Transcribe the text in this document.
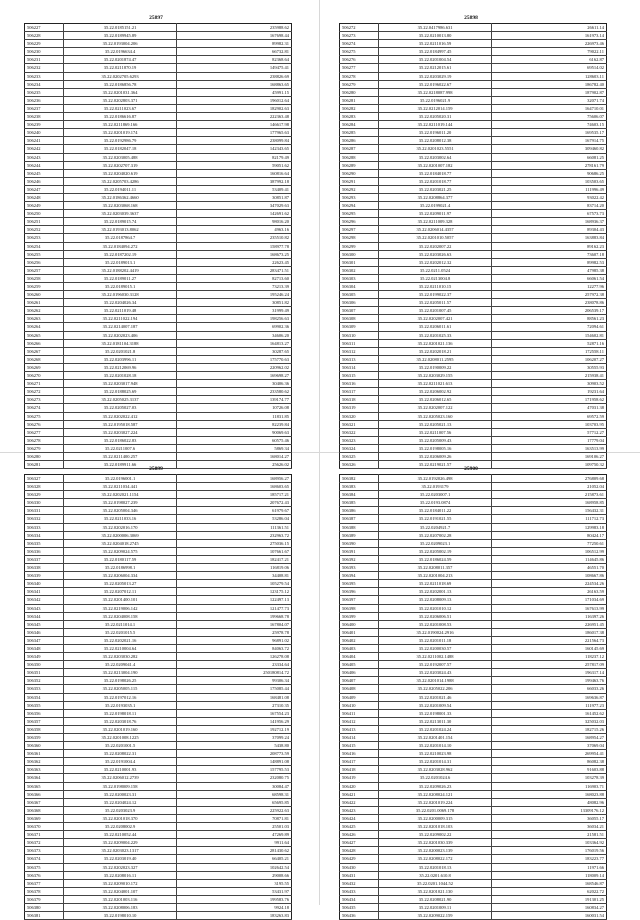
25897
506227	35.22.0185151.21	235988.62
506228	35.22.0189945.89	167698.44
506229	35.22.0193004.206	89982.31
506230	35.22.0196634.4	66732.81
506231	35.22.0201874.47	82368.64
506232	35.22.0211870.19	149475.41
506233	35.22.0202705.6293	238826.69
506234	35.22.0186856.78	168863.65
506235	35.22.0201031.364	45991.15
506236	35.22.0202803.371	196012.64
506237	35.22.0211023.67	182902.63
506238	35.22.0186616.87	222363.48
506239	35.22.0211869.166	146617.98
506240	35.22.0201019.174	177965.63
506241	35.22.0192986.79	238099.84
506242	35.22.0182047.18	142343.65
506243	35.22.0203005.488	82179.49
506244	35.22.0202707.319	59051.62
506245	35.22.0204020.619	160816.64
506246	35.22.0205703.4286	387992.18
506247	35.22.0194011.11	53409.41
506248	35.22.0186362.4660	30851.87
506249	35.22.0203068.168	347029.63
506250	35.22.0203039.3637	142691.62
506251	35.22.0189015.74	98016.20
506252	35.22.0193013.8062	4963.16
506253	35.22.0187864.7	235510.82
506254	35.22.0184094.272	158977.78
506255	35.22.0187202.19	168673.25
506256	35.22.0189013.1	22623.45
506257	35.22.0188202.4419	283471.51
506258	35.22.0189011.27	82713.60
506259	35.22.0189015.1	73213.39
506260	35.22.0196030.3128	195246.24
506261	35.22.0204026.34	30851.82
506262	35.22.0211019.48	31999.49
506263	35.22.0211022.194	198256.63
506264	35.22.0214007.187	69902.36
506265	35.22.0202023.406	34606.20
506266	35.22.0181104.3188	164813.27
506267	35.22.0201021.8	30287.65
506268	35.22.0203996.11	175770.63
506269	35.22.0212069.96	220962.02
506270	35.22.0201028.18	169698.27
506271	35.22.0203017.948	30406.36
506272	35.22.0188025.69	233580.62
506273	35.22.0205025.3137	139174.77
506274	35.22.0205027.03	10726.08
506275	35.22.0202022.412	11831.85
506276	35.22.0195018.587	82239.84
506277	35.22.0203027.224	90069.63
506278	35.22.0186022.83	60575.46
506279	35.22.0211007.6	5869.34
506280	35.22.0211400.257	168014.27
506281	35.22.0189911.66	25626.02
25898
506272	35.22.0417986.631	26611.14
506273	35.22.0210013.80	161973.14
506274	35.22.0211016.59	226973.46
506275	35.22.0184997.45	79022.11
506276	35.22.0201004.54	6162.87
506277	35.22.0212015.61	69514.02
506278	35.22.0203029.19	128603.11
506279	35.22.0196022.67	186782.40
506280	35.22.0218087.998	187902.87
506281	35.22.0196021.9	32071.74
506282	35.22.0212014.159	164710.01
506283	35.22.0205020.31	75606.07
506284	35.22.0211019.144	74603.15
506285	35.22.0196011.20	169535.17
506286	35.22.0208012.38	167914.75
506287	35.22.0201023.5551	309460.82
506288	35.22.0203002.64	66081.25
506289	35.22.0201007.182	278161.79
506290	35.22.0184018.77	90686.25
506291	35.22.0201018.77	103503.65
506292	35.22.0203021.25	111996.49
506293	35.22.0208864.377	93022.42
506294	35.22.0199021.4	83714.20
506295	35.22.0209011.97	67573.73
506296	35.22.0211009.328	168936.37
506297	35.22.0206014.4357	89304.43
506298	35.22.0201010.5057	163883.84
506299	35.22.0202007.22	89162.23
506300	35.22.0203026.63	73607.18
506301	35.22.0202012.32	89982.53
506302	35.22.0211.0524	47985.38
506303	35.22.0213004.8	66061.54
506304	35.22.0211010.15	12277.96
506305	35.22.0199022.37	257972.38
506306	35.22.0205011.57	238078.86
506307	35.22.0201007.45	206539.17
506308	35.22.0202007.421	88561.23
506309	35.22.0206011.61	72094.61
506310	35.22.0201025.33	154602.81
506311	35.22.0201021.136	52871.16
506312	35.22.0202018.21	172558.11
506313	35.22.0208011.2595	106207.27
506314	35.22.0190009.22	30555.93
506315	35.22.0203029.155	215938.41
506316	35.22.0211021.613	30903.52
506317	35.22.0206002.92	19231.64
506318	35.22.0206012.65	171958.62
506319	35.22.0202007.122	47031.38
506320	35.22.0205023.160	69572.59
506321	35.22.0205021.13	103703.95
506322	35.22.0211007.56	57712.27
506323	35.22.0205009.43	17779.04
506324	35.22.0198005.16	163513.99
506325	35.22.0206009.26	169106.27
506326	35.22.0219021.57	109750.32
25899
506327	35.22.0196001.1	168956.27
506328	35.22.0211034.441	168603.65
506329	35.22.0202021.1154	185717.21
506330	35.22.0198027.239	207672.43
506331	35.22.0205004.346	61979.67
506332	35.22.0211033.16	53286.04
506333	35.22.0202016.170	111361.51
506334	35.22.0200006.3069	232963.72
506335	35.22.0204018.2745	275036.15
506336	35.22.0209024.575	107661.67
506337	35.22.0180117.59	182417.21
506338	35.22.0186998.1	116819.06
506339	35.22.0206004.334	34408.81
506340	35.22.0205013.27	105279.54
506341	35.22.0207012.11	123175.12
506342	35.22.0201400.101	122497.13
506343	35.22.0219006.142	121477.73
506344	35.22.0204008.158	199668.78
506345	35.22.0211014.1	167804.07
506346	35.22.0201015.5	25978.78
506347	35.22.0202021.16	96891.02
506348	35.22.0210004.64	84063.72
506349	35.22.0203030.282	126278.08
506350	35.22.0209041.4	23334.64
506351	35.22.0213004.190	250180814.72
506352	35.22.0198026.25	99306.34
506353	35.22.0205005.115	175085.44
506354	35.22.0197012.16	168481.08
506355	35.22.0193035.1	27310.35
506356	35.22.0198018.11	167554.23
506357	35.22.0203018.76	141956.29
506358	35.22.0201019.160	192712.19
506359	35.22.0201008.1225	37099.24
506360	35.22.0201001.5	5438.80
506361	35.22.0208022.31	208773.59
506362	35.22.0191004.4	148891.08
506363	35.22.0210001.93	157795.53
506364	35.22.0206012.2739	232080.75
506365	35.22.0198009.158	30084.47
506366	35.22.0200023.31	68598.31
506367	35.22.0204024.12	65695.85
506368	35.22.0203023.9	225922.63
506369	35.22.0201018.370	70871.81
506370	35.22.0208002.9	25501.03
506371	35.22.0210052.44	47269.89
506372	35.22.0209004.229	9911.64
506373	35.22.0203023.1317	281430.62
506374	35.22.0203019.40	66405.21
506375	35.22.0202023.327	102642.54
506376	35.22.0208016.11	29008.66
506377	35.22.0209010.172	3195.55
506378	35.22.0204001.107	53431.97
506379	35.22.0201003.116	199583.76
506380	35.22.0208006.183	9924.18
506381	35.22.0198010.10	183263.83
25900
506382	35.22.0192026.498	276809.68
506383	35.22.0193179	21052.04
506384	35.22.0203007.1	215873.61
506385	35.22.0193.0874	168958.85
506386	35.22.0184011.22	156432.31
506387	35.22.0191021.55	111712.73
506388	35.22.0204921.7	129983.18
506389	35.22.0207002.28	80424.17
506390	35.22.0209023.1	77250.61
506391	35.22.0205002.19	106512.99
506392	35.22.0186024.59	114645.86
506393	35.22.0208011.357	46551.70
506394	35.22.0201004.213	108667.86
506395	35.22.0211018.69	224534.26
506396	35.22.0202001.13	26163.59
506397	35.22.0208009.13	171034.69
506398	35.22.0201010.12	167613.99
506399	35.22.0206006.51	116397.26
506400	35.22.0201008.53	226951.45
506401	35.22.0190024.2916	186017.38
506402	35.22.0201011.18	221564.73
506403	35.22.0200030.57	160145.69
506404	35.22.0211002.1488	118237.12
506405	35.22.0192007.57	257817.09
506406	35.22.0203024.43	196317.14
506407	35.22.0201014.1988	199463.76
506408	35.22.0205022.206	66033.26
506409	35.22.0201021.46	169636.87
506410	35.22.0201009.54	111977.23
506411	35.22.0198001.33	161452.62
506412	35.22.0213011.30	325032.03
506413	35.22.0201024.24	182715.26
506414	35.22.0201401.154	168954.27
506415	35.22.0201014.10	37069.04
506416	35.22.0210023.98	269954.41
506417	35.22.0201014.31	86082.38
506418	35.22.0203028.962	91603.88
506419	35.22.0201024.6	103278.39
506420	35.22.0209026.23	116903.71
506421	35.22.0208024.121	168023.88
506422	35.22.0201019.224	48082.96
506423	35.22.0201.0069.178	13309176.12
506424	35.22.0200009.315	36055.17
506425	35.22.0201018.103	36034.21
506426	35.22.0209002.22	21581.51
506427	35.22.0201030.339	103364.92
506428	35.22.0200023.139	176019.56
506429	35.22.0208022.172	183223.77
506430	35.22.0201018.13	11971.66
506431	35.22.0201.610.8	118009.14
506432	35.22.0201.1044.52	168546.87
506433	35.22.0201021.130	62022.72
506434	35.22.0208021.90	191301.25
506435	35.22.0201009.11	160834.27
506436	35.22.0209022.159	160031.54
